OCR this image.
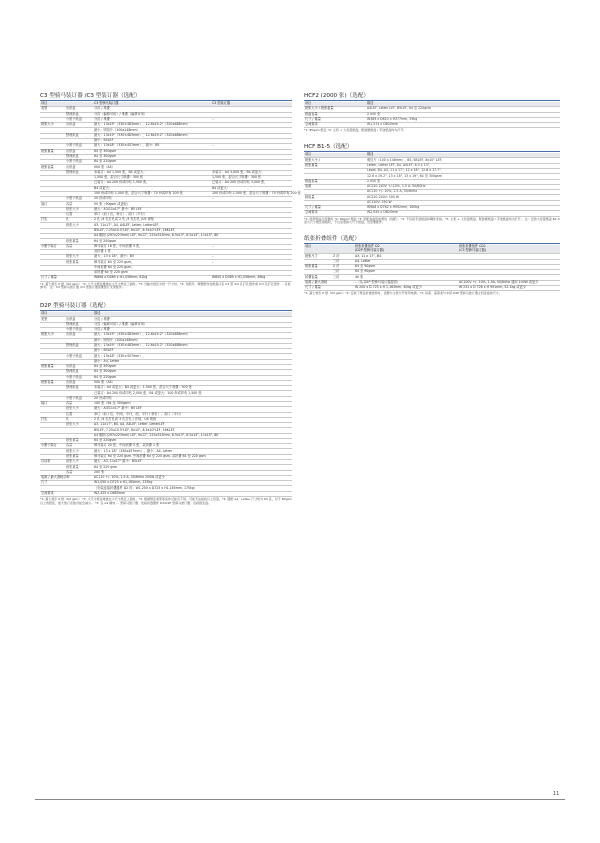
C3 型骑马装订器 /C3 型装订器（选配）
项目		C3 型骑马装订器	C3 型装订器
类型	出纸盘	分页 / 堆叠	
	整理纸盘	分页（偏移可用）/ 堆叠（偏移可用）	
	小册子纸盘	分页 / 堆叠	–
纸张大小	出纸盘	最大：13x19"（330×483mm），12.6x19.2"（320x488mm）	
		最小：明信片（100x148mm）	
	整理纸盘	最大：13x19"（330×483mm），12.6x19.2"（320x488mm）	
		最小：B5LEF	
	小册子纸盘	最大：13x18"（330×457mm），最小：B5	–
纸张重量	出纸盘	64 至 300gsm	
	整理纸盘	64 至 300gsm	
	小册子纸盘	64 至 220gsm	
纸张容量	出纸盘	500 张（A4）	
	整理纸盘	未装订：A4 1,500 张，B4 或更大：	未装订：A4 3,000 张，B4 或更大：
		1,500 张，混合尺寸堆叠：300 张	1,500 张，混合尺寸堆叠：300 张
		已装订：A4 200 份或印有 1,500 张，	已装订：A4 200 份或印有 3,000 张，
		B4 或更大：	B4 或更大：
		100 份或印有 1,500 张，混合尺寸堆叠：70 份或印有 200 张	100 份或印有 1,500 张，混合尺寸堆叠：70 份或印有 200 张
	小册子纸盘	20 份或印有	–
装订	容量	50 张（90gsm 或更轻）	
	纸张大小	最大：A3/11x17" 最小：B5 LEF	
	位置	单订（前 / 后，斜订）, 双订（平行）	
打孔	孔	2 孔 /4 孔打孔或 2 孔 /3 孔打孔 /US 规格	
	纸张大小	A3, 11x17", A4, A4LEF, Letter, LetterLEF,	
		B5LEF, 7.25x10.5"LEF, 8x10", 8.5x10"LEF, 16KLEF,	
		A4 帽面 (297x223mm) LEF, 9x11", 215x315mm, 8.5x13", 8.5x14", 11x15", 8K	
	纸张重量	64 至 200gsm	
小册子装订	容量	骑马装订 16 张，中间折叠 5 张，	–
		双折叠 1 张	
	纸张大小	最大：13 x 18"，最小：B5	–
	纸张重量	骑马装订 64 至 220 gsm，	–
		中间折叠 64 至 220 gsm，	
		单折叠 64 至 220 gsm	
尺寸 / 重量		W898 x D589 x H1,056mm, 61kg	W850 x D589 x H1,056mm, 46kg
*1: 富士施乐 P 纸（64 gsm） *2: 大尺寸纸张堆叠在小尺寸纸张上面时。*3: 当输出纸张为同一尺寸时。*4: 当配件、调整配件在纸盘口张 C3 型 2/4 孔打孔组件或 2/3 孔打孔组件 ... 仅供参考。 注：C3 型骑马装订器 /C3 型装订器需要装订支架配件。
D2P 型骑马装订器（选配）
项目		描述
类型	出纸盘	分页 / 堆叠
	整理纸盘	分页（偏移可用）/ 堆叠（偏移可用）
	小册子纸盘	分页 / 堆叠
纸张大小	出纸盘	最大：13x19"（330×483mm），12.6x19.2"（320x488mm）
		最小：明信片（100x148mm）
	整理纸盘	最大：13x19"（330×483mm），12.6x19.2"（320x488mm）
		最小：B5LEF
	小册子纸盘	最大：13x18"（330×457mm），
		最小：A4, Letter
纸张重量	出纸盘	64 至 300gsm
	整理纸盘	64 至 300gsm
	小册子纸盘	64 至 220gsm
纸张容量	出纸盘	500 张（A4）
	整理纸盘	未装订：A4 或更大：B4 或更大：1,500 张，混合尺寸堆叠：300 张
		已装订：A4 200 份或印有 2,000 张，B4 或更大：100 份或印有 1,500 张
	小册子纸盘	20 份或印有
装订	容量	100 张（64 至 300gsm）
	纸张大小	最大：A3/11x17" 最小：B5 LEF
	位置	单订（前 / 后，中间，平行，前，平行 / 斜钉），双订（平行）
打孔	孔	2 孔 /4 孔打孔或 3 孔打孔 / 法规，US 规格
	纸张大小	A3, 11x17", B4, A4, A4LEF, Letter, LetterLEF,
		B5LEF, 7.25x10.5"LEF, 8x10", 8.5x10"LEF, 16KLEF,
		A4 帽面 (297x223mm) LEF, 9x11", 215x315mm, 8.5x13", 8.5x14", 11x15", 8K
	纸张重量	64 至 220gsm
小册子装订	容量	骑马装订 20 张，中间折叠 5 张，双折叠 1 张
	纸张大小	最大：13 x 18"（330x457mm），最小：A4, Letter
	纸张重量	骑马装订 64 至 220 gsm, 中间折叠 64 至 220 gsm, 双折叠 64 至 220 gsm
自动折	纸张大小	最大：A3, 11x17" 最小：B5LEF
	纸张重量	64 至 220 gsm
	容量	200 张
电源 / 最大消耗功率		AC110 +/- 10%, 2.5 A, 50/60Hz 200W 或更少
尺寸		W1,050 x D725 x H1,165mm, 135kg
		（安装连接折叠器件 D2 时：W1,250 x D725 x H1,165mm, 175kg）
空间要求		W2,425 x D880mm
*1: 富士施乐 P 纸（64 gsm） *2: 大尺寸纸张堆叠在小尺寸纸张上面时。*3: 根据纸张类型等条件可能有不同。可能无法接收以上容量。*4: 随纸 A4、Letter 尺寸时为 65 张，对于 80gsm 以上的纸张，最大装订张数可能会减少。 *5: 仅 A4 横向 ... 型骑马装订器、连接折叠器件 D2/D2P 型骑马装订器、连接纸张盘。
HCF2 (2000 张)（选配）
项目	描述
纸张大小 / 纸张重量	A4LEF, Letter LEF, B5LEF, 64 至 220gsm
纸盘容量	2,000 张
尺寸 / 重量	W389 x D610 x H377mm, 29kg
空间要求	W1,574 x D800mm
*1: 80gsm 纸张 *2: 主机 + 大容量纸盘，配装额纸盘 / 手送纸盘均为打开。
HCF B1-5（选配）
项目	描述
纸张大小 /	明信片（100 x 148mm）, B5, B5LEF, 8x10" LEF,
纸张重量	Letter, Letter LEF, A4, A4LEF, 8.5 x 13",
	Legal, B4, A3, 11 x 17", 12 x 18", 12.6 x 17.7",
	12.6 x 19.2", 13 x 18", 13 x 19", 64 至 300gsm
纸盘容量	2,000 张
电源	AC220-240V +/-10%, 1.5 A, 50/60Hz
	AC110 +/- 10%, 2.5 A, 50/60Hz
耗电量	AC220-240V: 300 W
	AC110V: 250 W
尺寸 / 重量	W988 x D762 x H992mm, 160kg
空间要求	W2,045 x D804mm
*1: 使用明信片需要时 *2: 80gsm 纸张 *3: 需配备备用电源线（选配）。*4: 不包括手送纸盘和耦件连接。*5: 主机 + 大容量纸盘、配装额纸盘 / 手送纸盘均为打开。 注：安装大容量纸盘 B1-5 需大尺寸纸张规格时，不仅需更换大尺寸纸盘，也需要配件。
纸张折叠组件（选配）
项目		纸张折叠组件 D2
(D2P 型骑马装订器)	纸张折叠组件 CD1
(C3 型骑马装订器)
纸张尺寸	Z 折	A3, 11 x 17", B4	
	三折	A4, Letter	
纸张重量	Z 折	64 至 90gsm	
	三折	64 至 90gsm	
折叠容量	三折	40 张	
电源 / 最大消耗		–（从 D2P 型骑马装订器提供）	AC100V +/- 10%, 1.0A, 50/60Hz 通用 100W 或更少
尺寸 / 重量		W 200 x D 725 x H 1,163mm, 40kg 或更少	W 232 x D 726 x H 991mm, 52.1kg 或更少
*1: 富士施乐 P 纸（64 gsm）*2: 安装了纸张折叠组件时，需要与主机分开使用电源。*3: 纵深、高度差与中间 D2P 型骑马装订器主机连接的尺寸。
11
